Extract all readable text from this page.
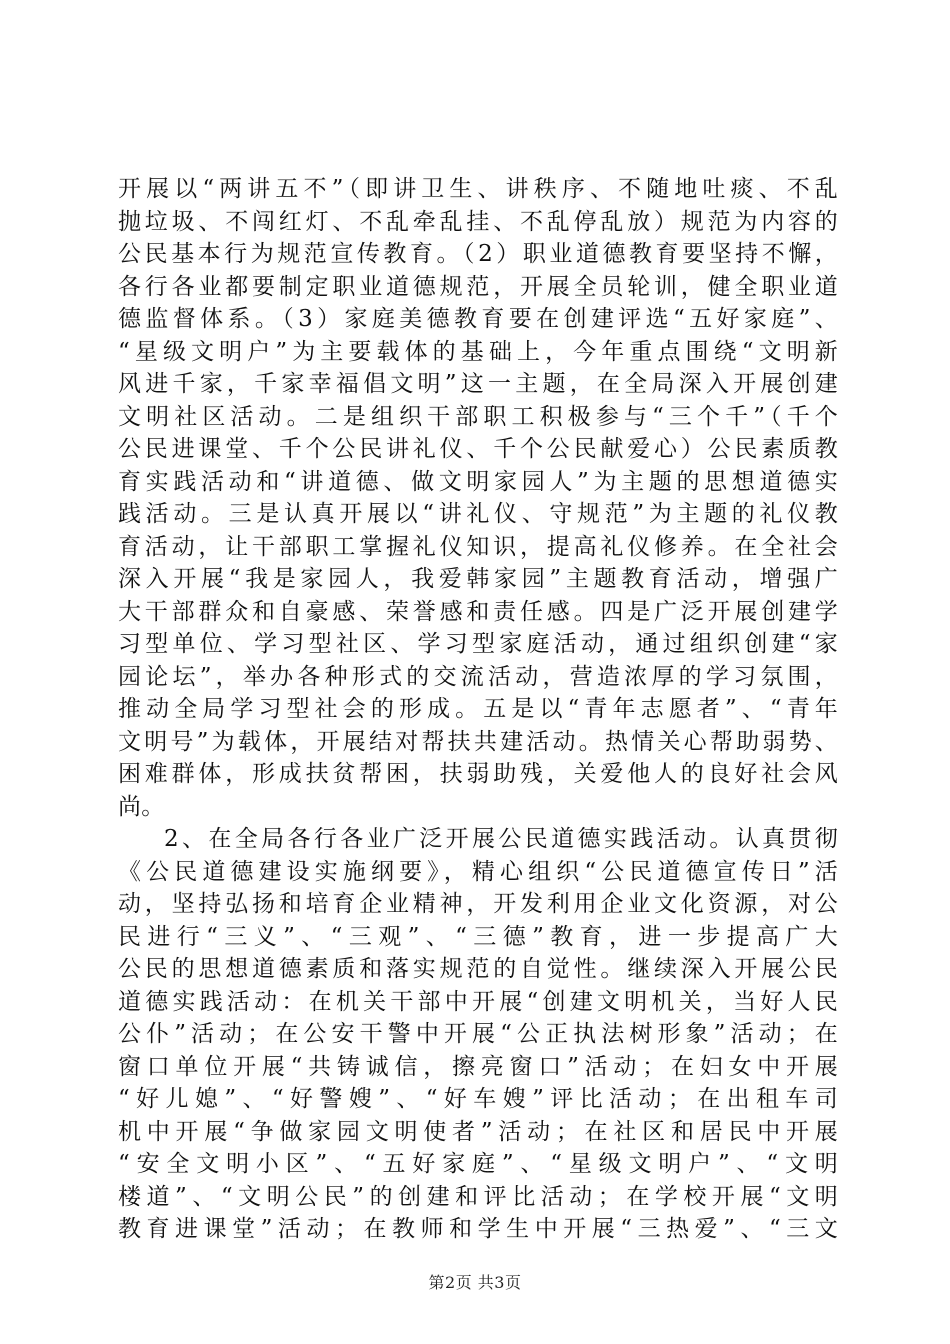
开展以“两讲五不”（即讲卫生、讲秩序、不随地吐痰、不乱
抛垃圾、不闯红灯、不乱牵乱挂、不乱停乱放）规范为内容的
公民基本行为规范宣传教育。（2）职业道德教育要坚持不懈，
各行各业都要制定职业道德规范，开展全员轮训，健全职业道
德监督体系。（3）家庭美德教育要在创建评选“五好家庭”、
“星级文明户”为主要载体的基础上，今年重点围绕“文明新
风进千家，千家幸福倡文明”这一主题，在全局深入开展创建
文明社区活动。二是组织干部职工积极参与“三个千”（千个
公民进课堂、千个公民讲礼仪、千个公民献爱心）公民素质教
育实践活动和“讲道德、做文明家园人”为主题的思想道德实
践活动。三是认真开展以“讲礼仪、守规范”为主题的礼仪教
育活动，让干部职工掌握礼仪知识，提高礼仪修养。在全社会
深入开展“我是家园人，我爱韩家园”主题教育活动，增强广
大干部群众和自豪感、荣誉感和责任感。四是广泛开展创建学
习型单位、学习型社区、学习型家庭活动，通过组织创建“家
园论坛”，举办各种形式的交流活动，营造浓厚的学习氛围，
推动全局学习型社会的形成。五是以“青年志愿者”、“青年
文明号”为载体，开展结对帮扶共建活动。热情关心帮助弱势、
困难群体，形成扶贫帮困，扶弱助残，关爱他人的良好社会风
尚。
2、在全局各行各业广泛开展公民道德实践活动。认真贯彻
《公民道德建设实施纲要》，精心组织“公民道德宣传日”活
动，坚持弘扬和培育企业精神，开发利用企业文化资源，对公
民进行“三义”、“三观”、“三德”教育，进一步提高广大
公民的思想道德素质和落实规范的自觉性。继续深入开展公民
道德实践活动：在机关干部中开展“创建文明机关，当好人民
公仆”活动；在公安干警中开展“公正执法树形象”活动；在
窗口单位开展“共铸诚信，擦亮窗口”活动；在妇女中开展
“好儿媳”、“好警嫂”、“好车嫂”评比活动；在出租车司
机中开展“争做家园文明使者”活动；在社区和居民中开展
“安全文明小区”、“五好家庭”、“星级文明户”、“文明
楼道”、“文明公民”的创建和评比活动；在学校开展“文明
教育进课堂”活动；在教师和学生中开展“三热爱”、“三文
第2页 共3页
